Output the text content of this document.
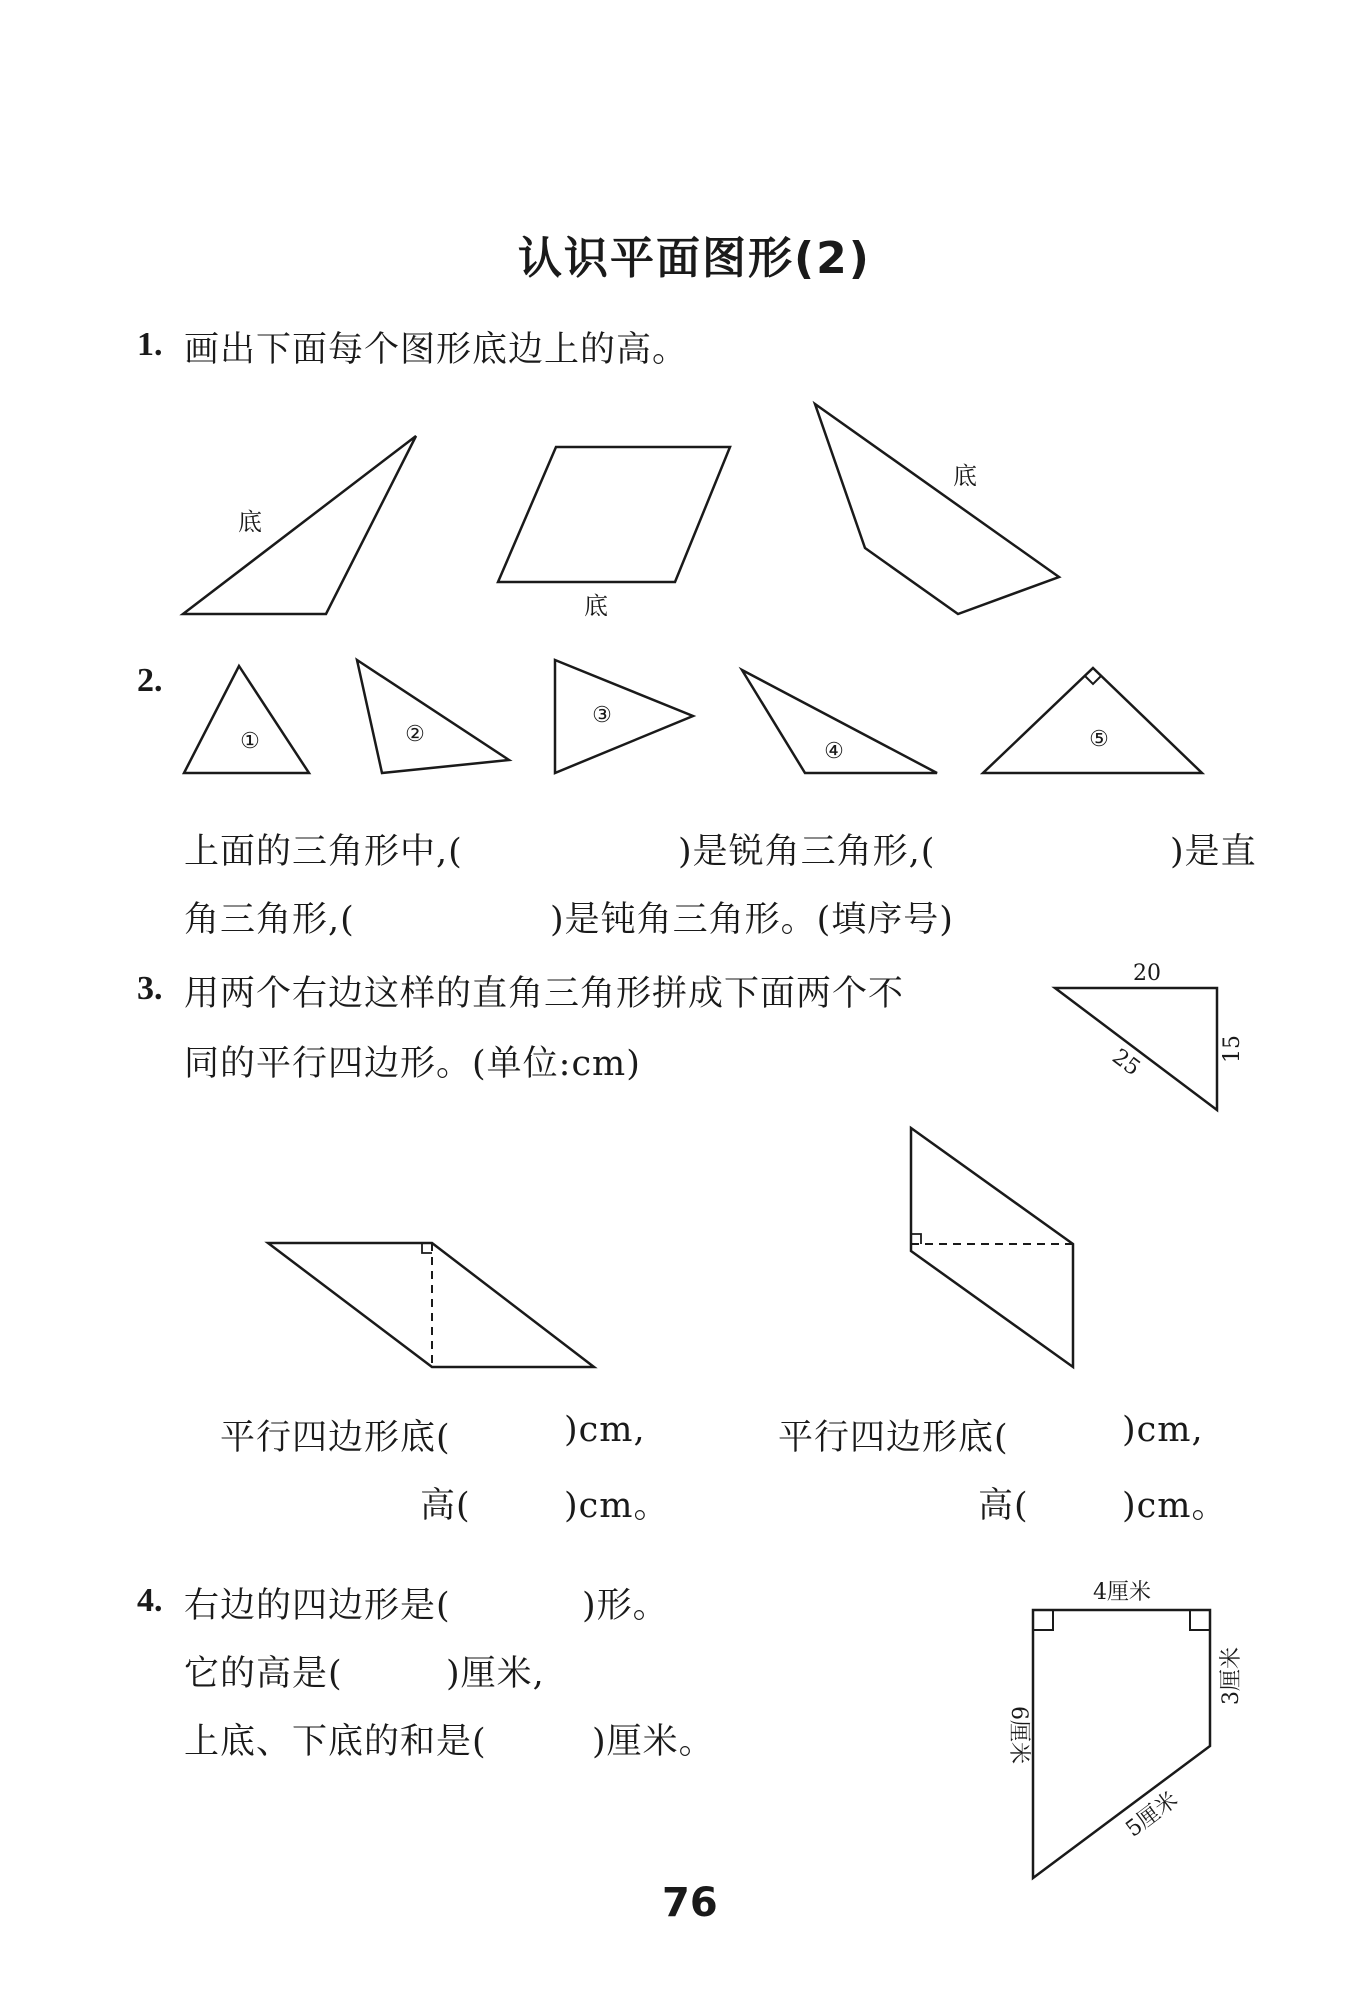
认识平面图形(2)
1. 画出下面每个图形底边上的高。
底
底
底
①	②
③
④	⑤
20
15
25
4厘米
3厘米
6厘米
5厘米
2.
上面的三角形中,(	)是锐角三角形,(	)是直
角三角形,(	)是钝角三角形。(填序号)
3. 用两个右边这样的直角三角形拼成下面两个不
同的平行四边形。(单位:cm)
平行四边形底(	)cm,
高(	)cm。
平行四边形底(	)cm,
高(	)cm。
4. 右边的四边形是(	)形。
它的高是(	)厘米,
上底、下底的和是(	)厘米。
76
